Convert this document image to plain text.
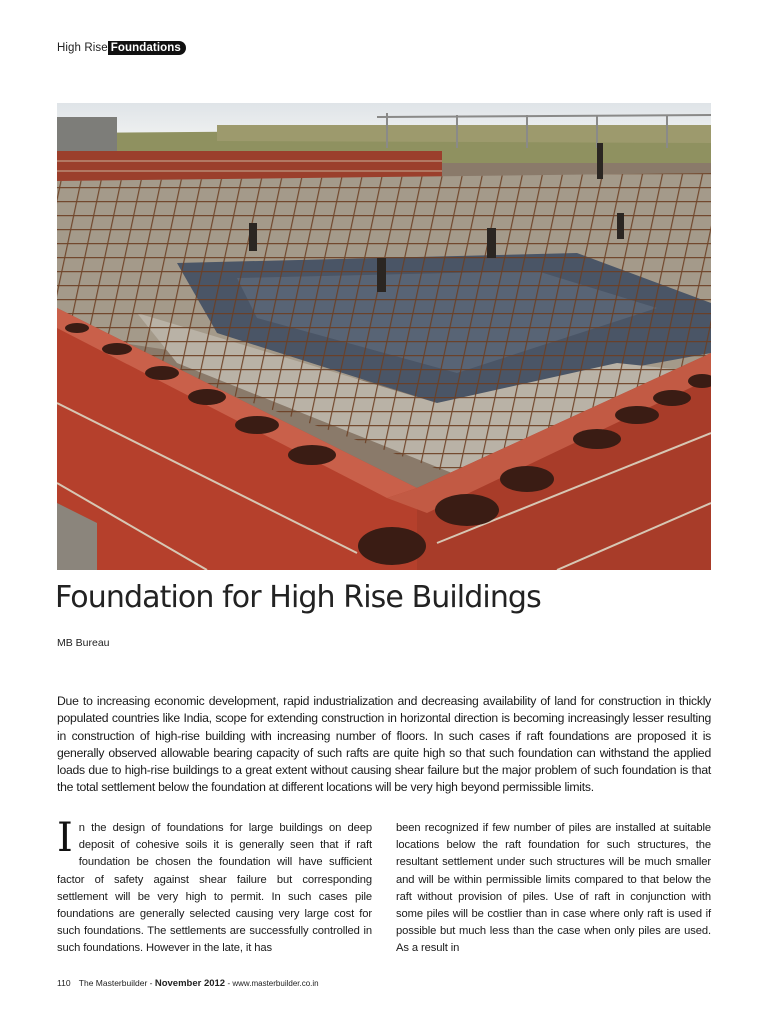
High Rise Foundations
Foundation for High Rise Buildings
MB Bureau

Due to increasing economic development, rapid industrialization and decreasing availability of land for construction in thickly populated countries like India, scope for extending construction in horizontal direction is becoming increasingly lesser resulting in construction of high-rise building with increasing number of floors. In such cases if raft foundations are proposed it is generally observed allowable bearing capacity of such rafts are quite high so that such foundation can withstand the applied loads due to high-rise buildings to a great extent without causing shear failure but the major problem of such foundation is that the total settlement below the foundation at different locations will be very high beyond permissible limits.

In the design of foundations for large buildings on deep deposit of cohesive soils it is generally seen that if raft foundation be chosen the foundation will have sufficient factor of safety against shear failure but corresponding settlement will be very high to permit. In such cases pile foundations are generally selected causing very large cost for such foundations. The settlements are successfully controlled in such foundations. However in the late, it has

been recognized if few number of piles are installed at suitable locations below the raft foundation for such structures, the resultant settlement under such structures will be much smaller and will be within permissible limits compared to that below the raft without provision of piles. Use of raft in conjunction with some piles will be costlier than in case where only raft is used if possible but much less than the case when only piles are used. As a result in

110 The Masterbuilder - November 2012 - www.masterbuilder.co.in
